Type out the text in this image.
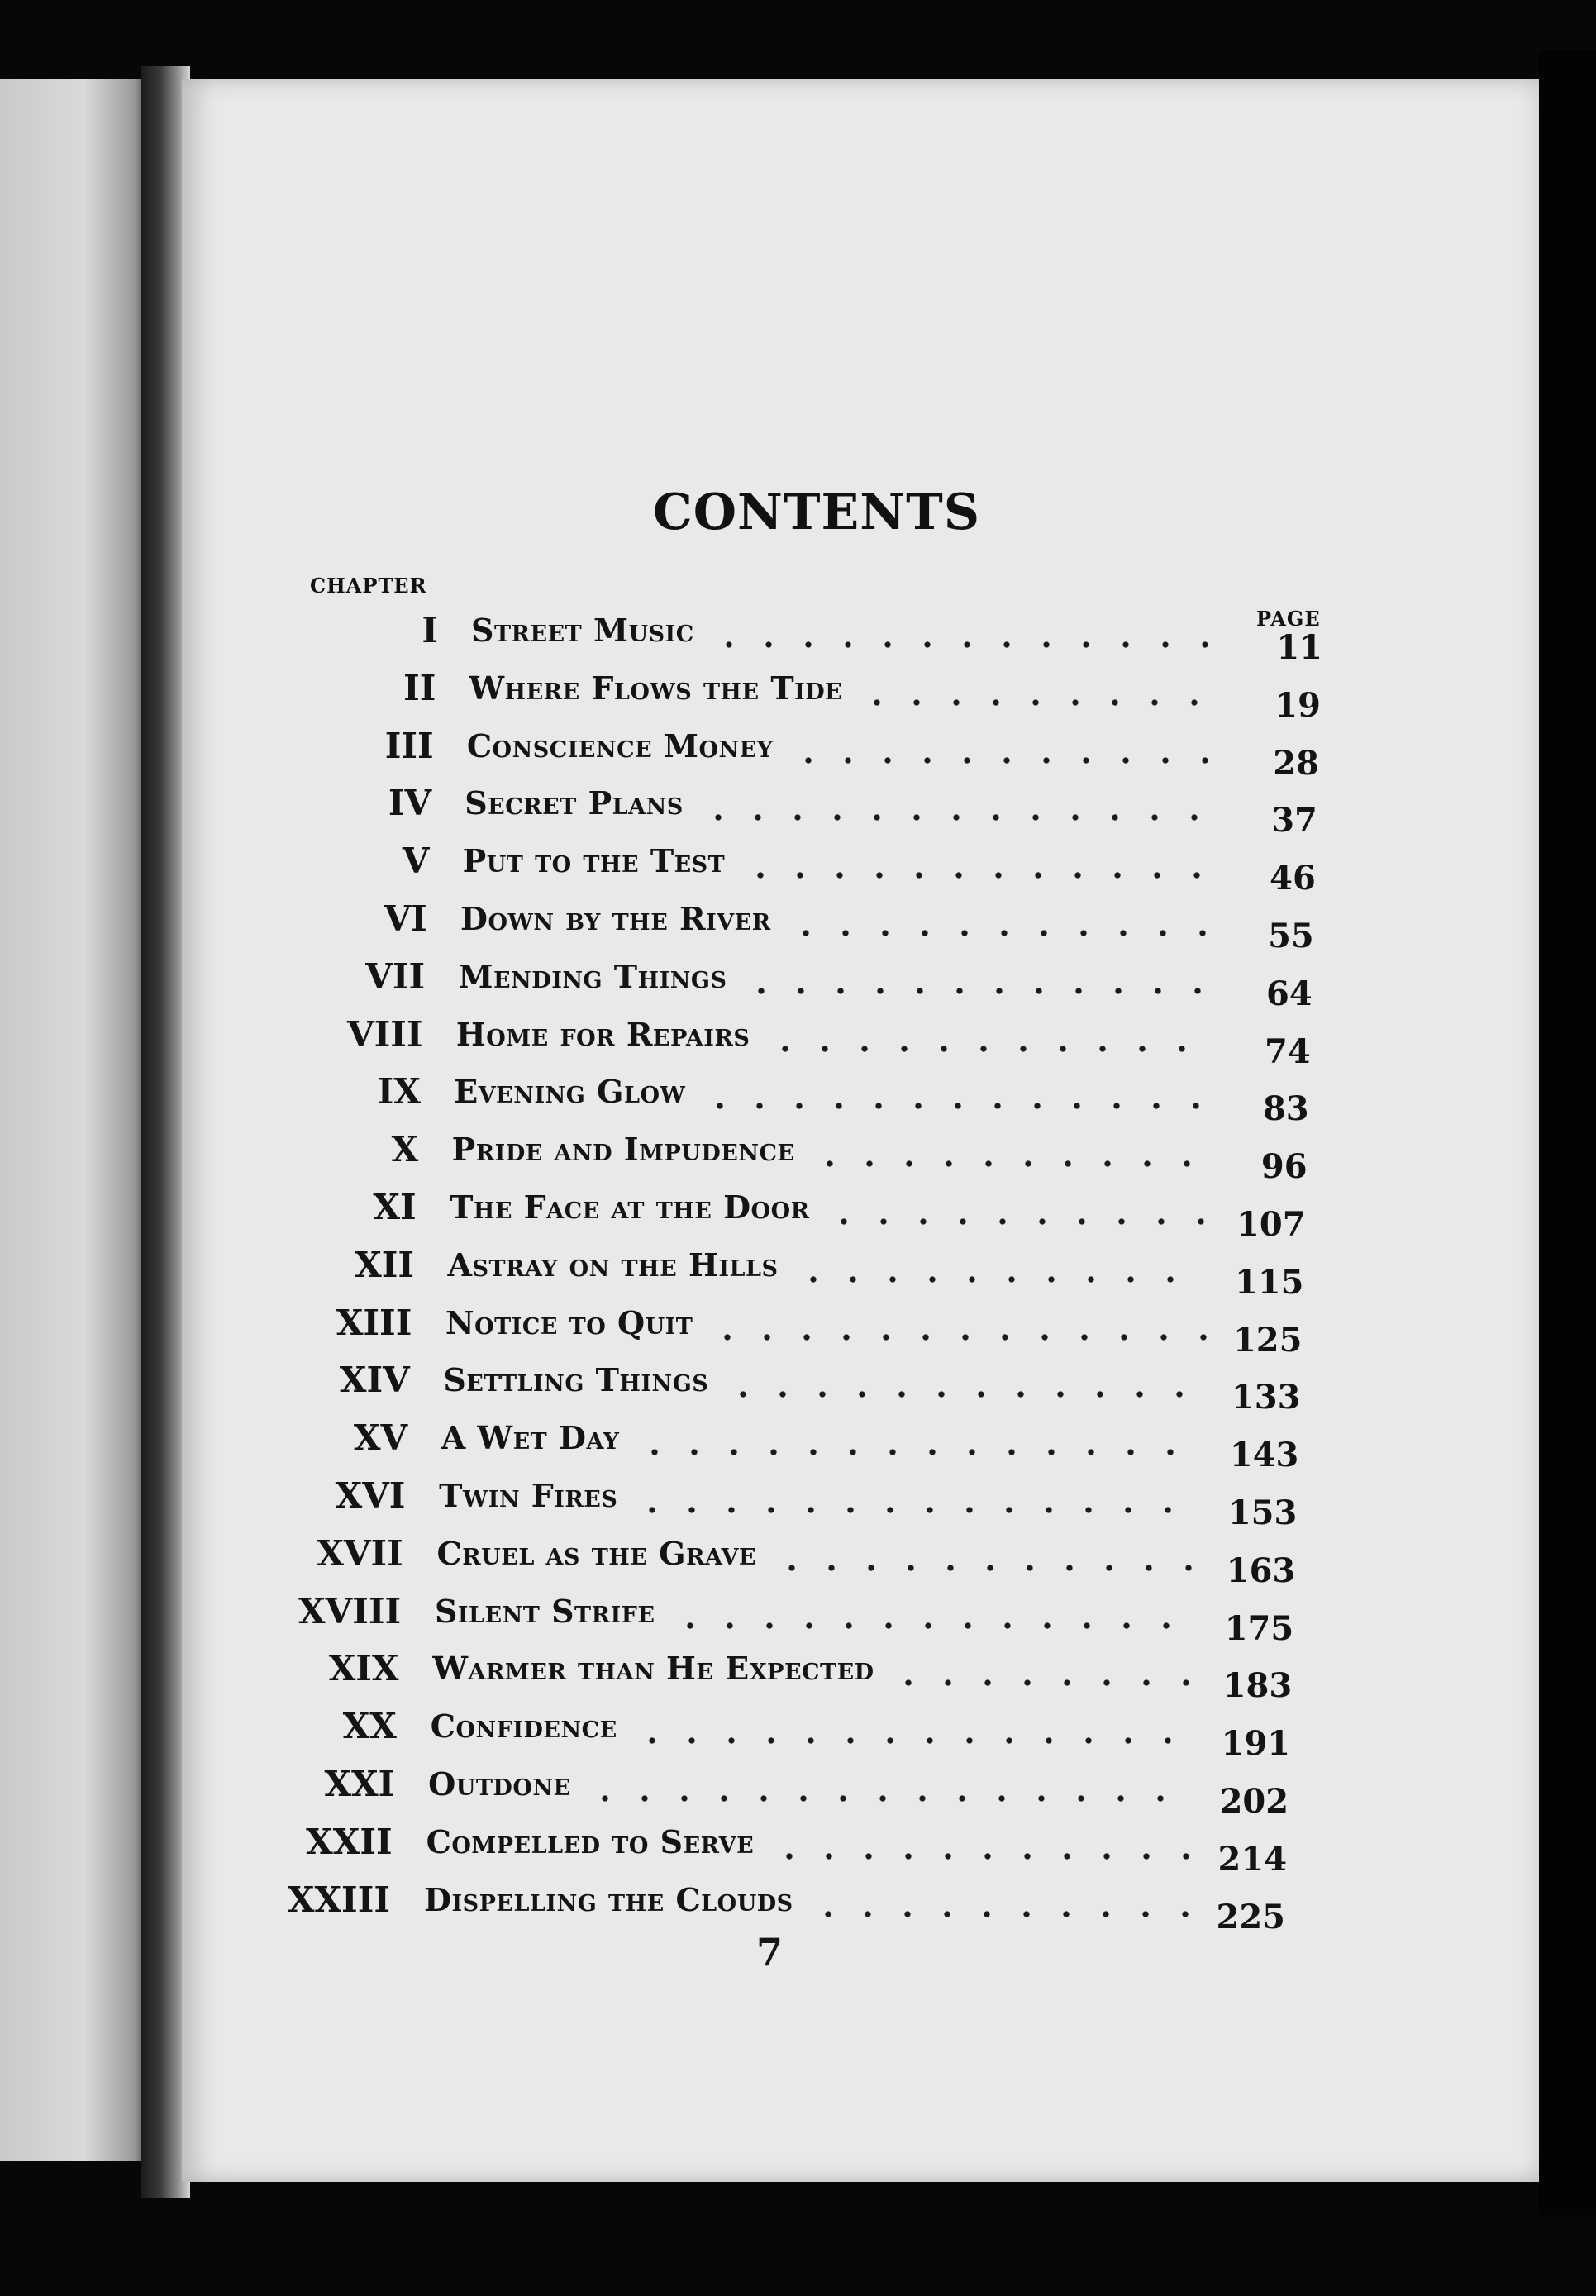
CONTENTS
CHAPTER
PAGE
I Street Music	11
II Where Flows the Tide	19
III Conscience Money	28
IV Secret Plans	37
V Put to the Test	46
VI Down by the River	55
VII Mending Things	64
VIII Home for Repairs	74
IX Evening Glow	83
X Pride and Impudence	96
XI The Face at the Door	107
XII Astray on the Hills	115
XIII Notice to Quit	125
XIV Settling Things	133
XV A Wet Day	143
XVI Twin Fires	153
XVII Cruel as the Grave	163
XVIII Silent Strife	175
XIX Warmer than He Expected	183
XX Confidence	191
XXI Outdone	202
XXII Compelled to Serve	214
XXIII Dispelling the Clouds	225
7
